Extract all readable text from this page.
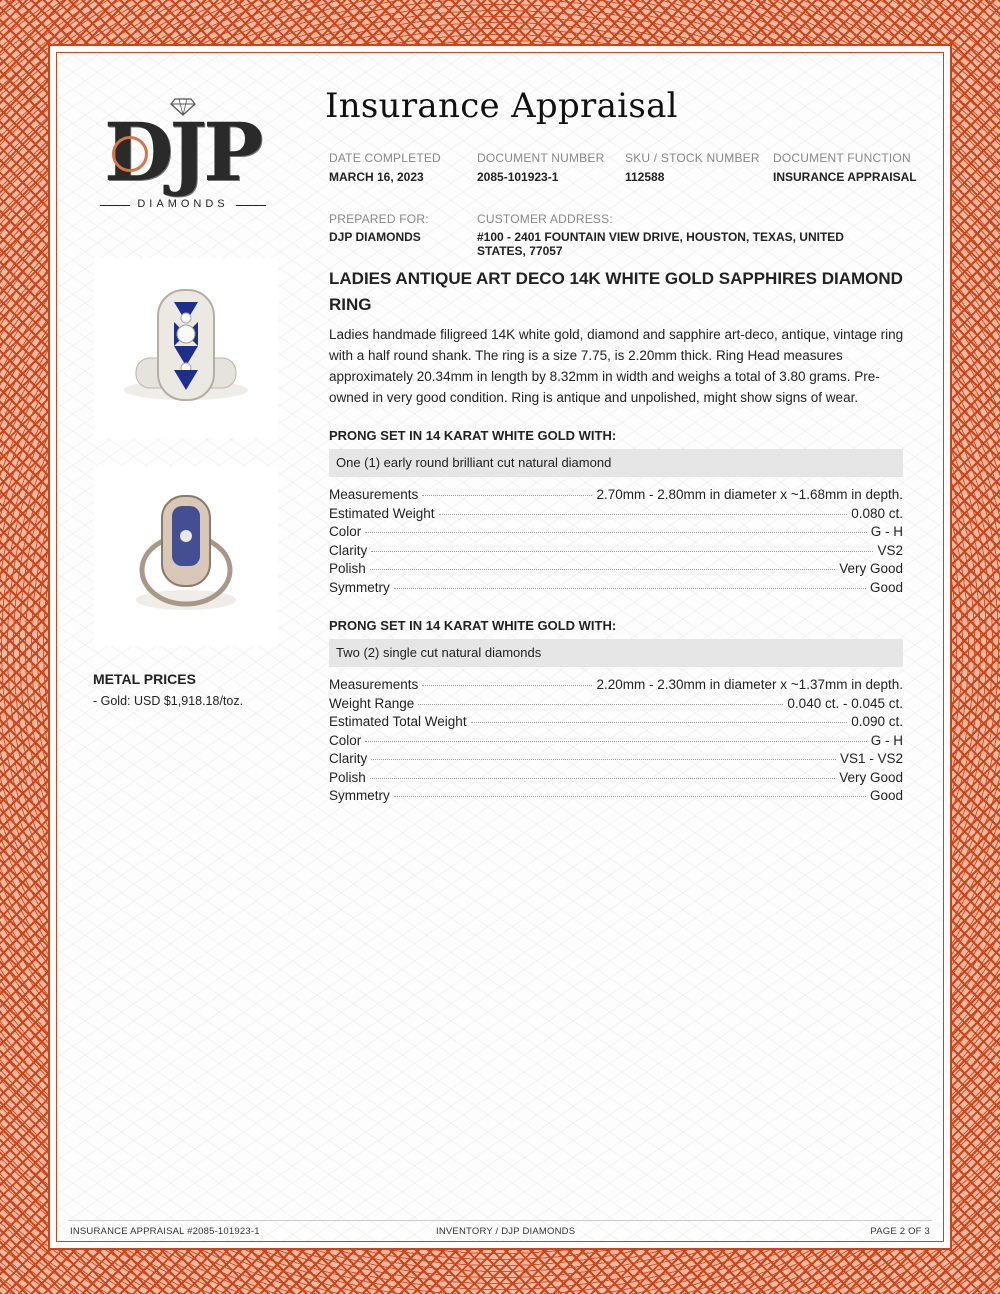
DJP
DIAMONDS
Insurance Appraisal
DATE COMPLETED
MARCH 16, 2023
DOCUMENT NUMBER
2085-101923-1
SKU / STOCK NUMBER
112588
DOCUMENT FUNCTION
INSURANCE APPRAISAL
PREPARED FOR:
DJP DIAMONDS
CUSTOMER ADDRESS:
#100 - 2401 FOUNTAIN VIEW DRIVE, HOUSTON, TEXAS, UNITED
STATES, 77057
LADIES ANTIQUE ART DECO 14K WHITE GOLD SAPPHIRES DIAMOND RING
Ladies handmade filigreed 14K white gold, diamond and sapphire art-deco, antique, vintage ring with a half round shank. The ring is a size 7.75, is 2.20mm thick. Ring Head measures approximately 20.34mm in length by 8.32mm in width and weighs a total of 3.80 grams. Pre-owned in very good condition. Ring is antique and unpolished, might show signs of wear.
METAL PRICES
- Gold: USD $1,918.18/toz.
PRONG SET IN 14 KARAT WHITE GOLD WITH:
One (1) early round brilliant cut natural diamond
Measurements	2.70mm - 2.80mm in diameter x ~1.68mm in depth.
Estimated Weight	0.080 ct.
Color	G - H
Clarity	VS2
Polish	Very Good
Symmetry	Good
PRONG SET IN 14 KARAT WHITE GOLD WITH:
Two (2) single cut natural diamonds
Measurements	2.20mm - 2.30mm in diameter x ~1.37mm in depth.
Weight Range	0.040 ct. - 0.045 ct.
Estimated Total Weight	0.090 ct.
Color	G - H
Clarity	VS1 - VS2
Polish	Very Good
Symmetry	Good
INSURANCE APPRAISAL #2085-101923-1	INVENTORY / DJP DIAMONDS	PAGE 2 OF 3
